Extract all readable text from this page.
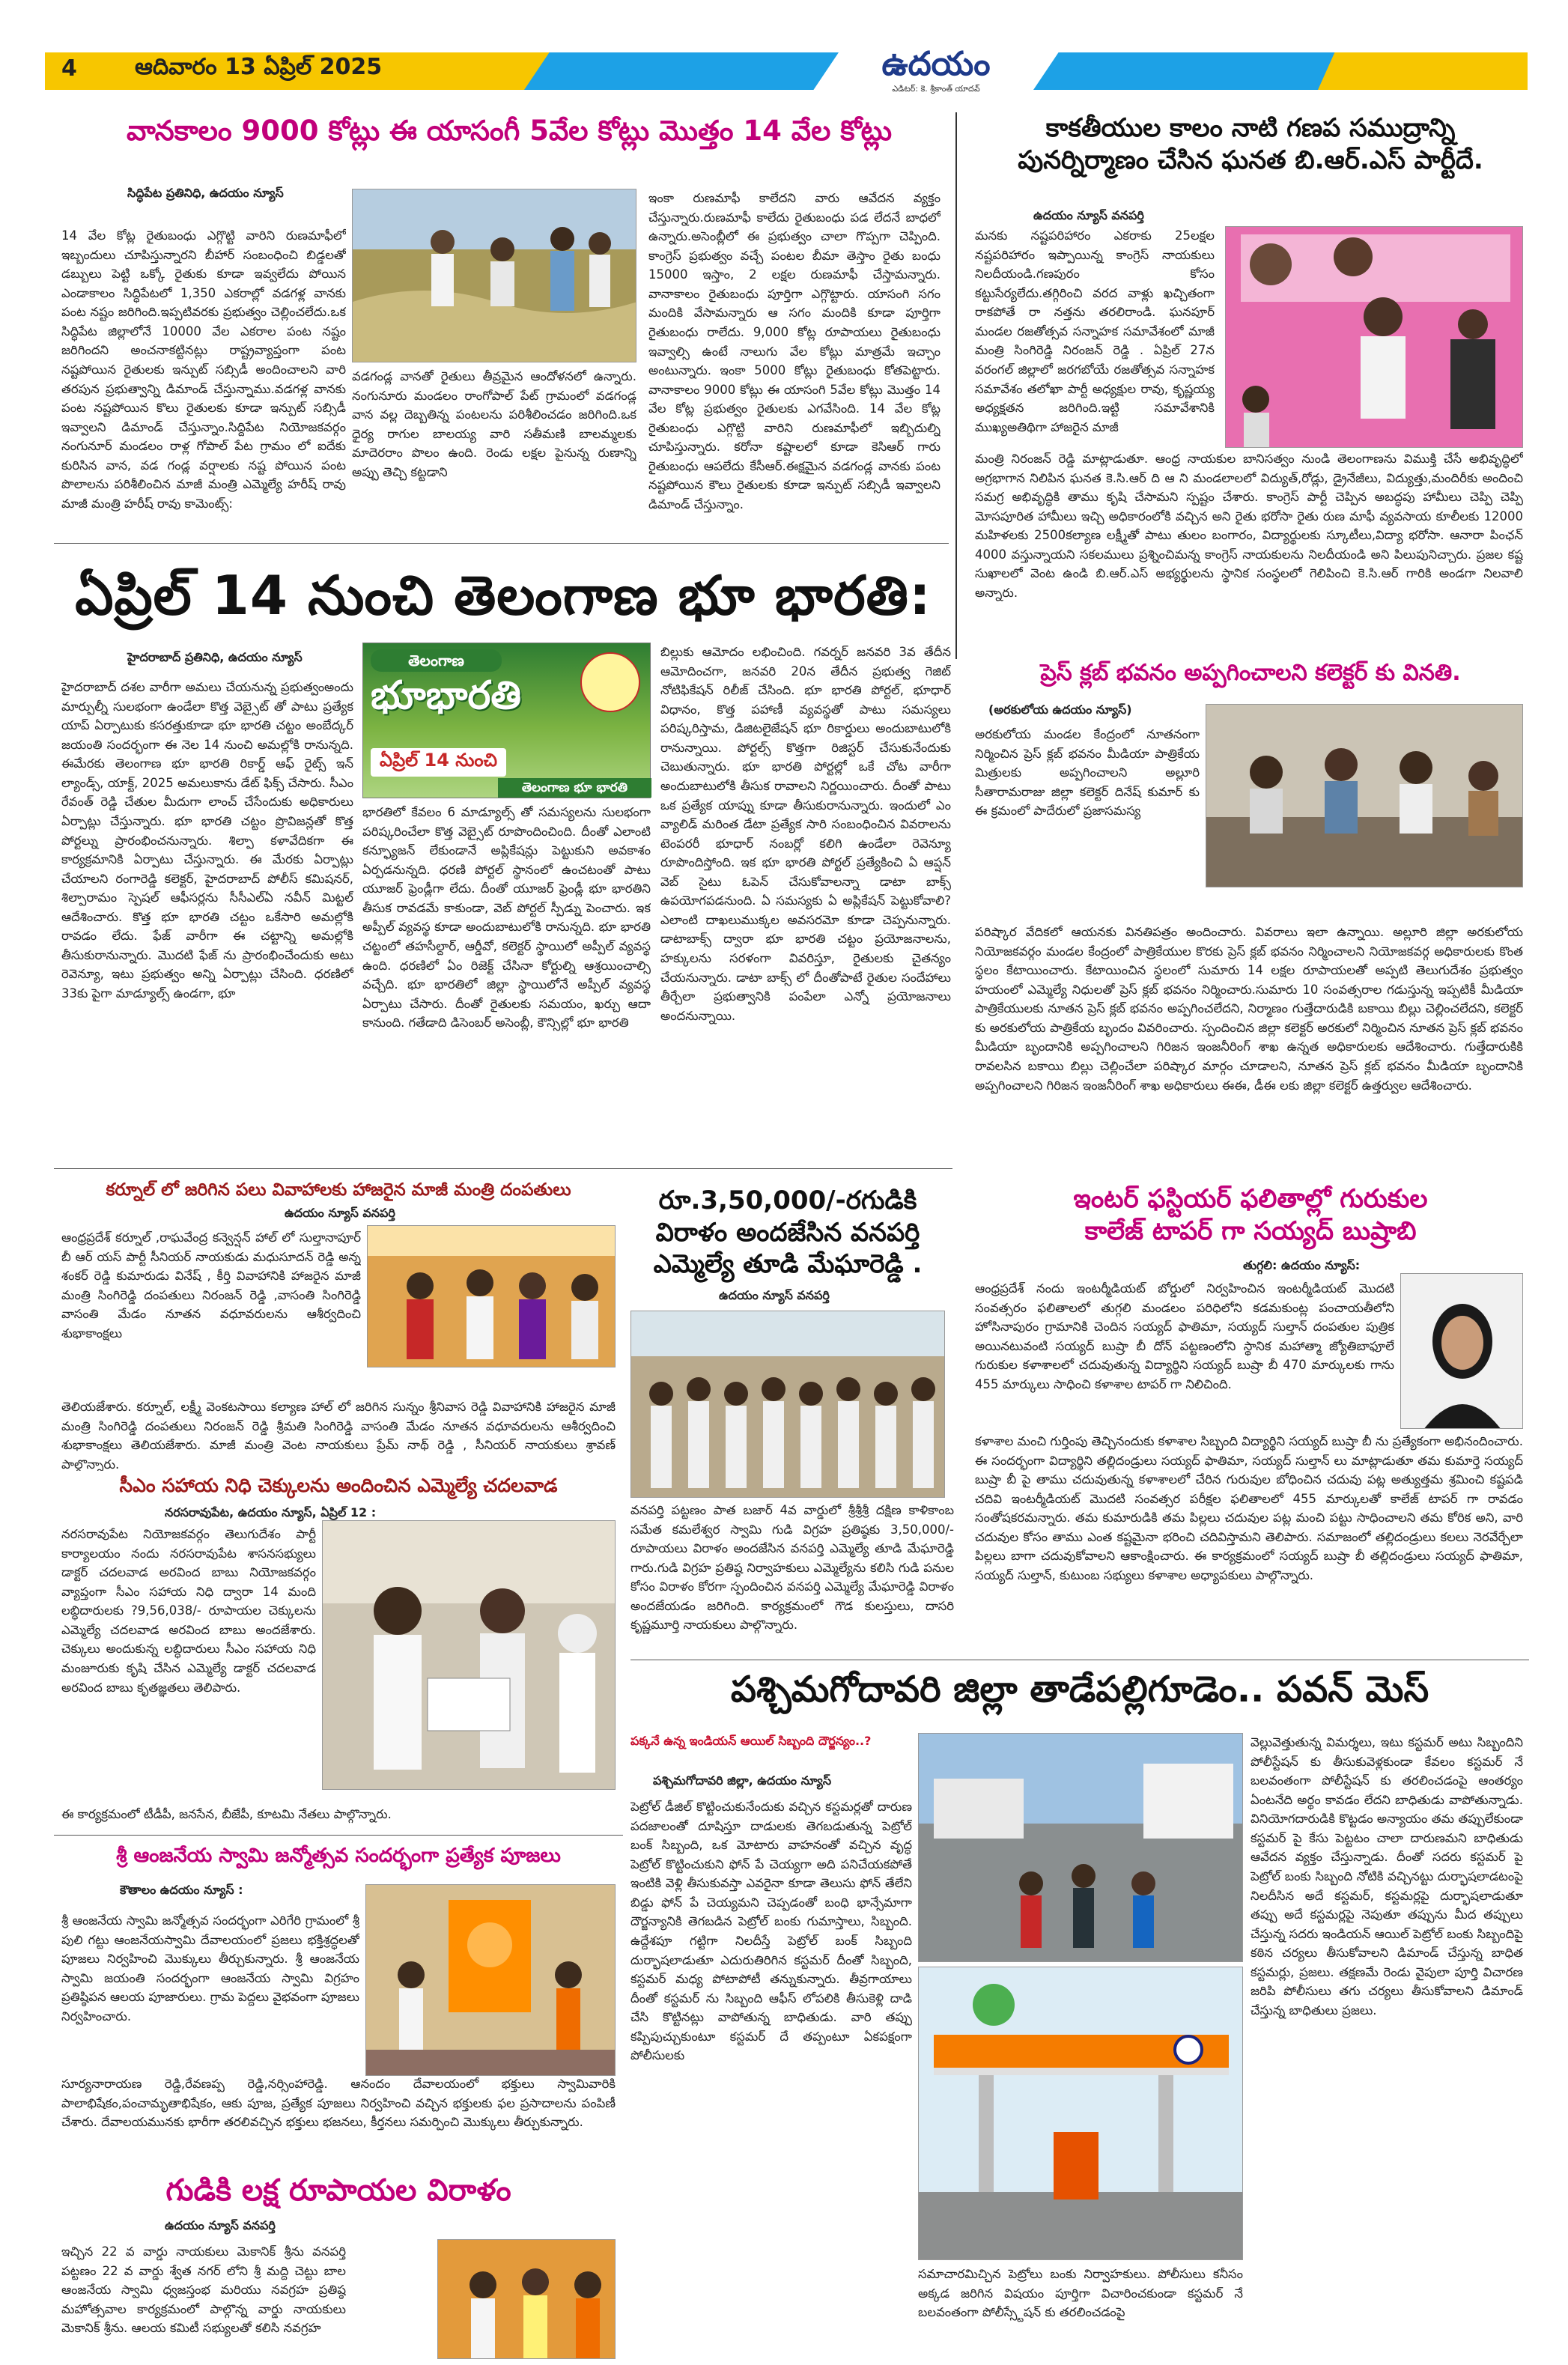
4	ఆదివారం 13 ఏప్రిల్ 2025	ఉదయం
ఎడిటర్: కె. శ్రీకాంత్ యాదవ్
వానకాలం 9000 కోట్లు ఈ యాసంగీ 5వేల కోట్లు మొత్తం 14 వేల కోట్లు
సిద్ధిపేట ప్రతినిధి, ఉదయం న్యూస్
14 వేల కోట్ల రైతుబంధు ఎగ్గొట్టి వారిని రుణమాఫీలో ఇబ్బందులు చూపిస్తున్నారని బీహార్ సంబంధించి బిడ్డలతో డబ్బులు పెట్టి ఒక్కో రైతుకు కూడా ఇవ్వలేదు పోయిన ఎండాకాలం సిద్ధిపేటలో 1,350 ఎకరాల్లో వడగళ్ల వానకు పంట నష్టం జరిగింది.ఇప్పటివరకు ప్రభుత్వం చెల్లించలేదు.ఒక సిద్ధిపేట జిల్లాలోనే 10000 వేల ఎకరాల పంట నష్టం జరిగిందని అంచనాకట్టినట్లు రాష్ట్రవ్యాప్తంగా పంట నష్టపోయిన రైతులకు ఇన్పుట్ సబ్సిడీ అందించాలని వారి తరపున ప్రభుత్వాన్ని డిమాండ్ చేస్తున్నాము.వడగళ్ల వానకు పంట నష్టపోయిన కొలు రైతులకు కూడా ఇన్పుట్ సబ్సిడీ ఇవ్వాలని డిమాండ్ చేస్తున్నాం.సిద్దిపేట నియోజకవర్గం నంగునూర్ మండలం రాళ్ల గోపాల్ పేట గ్రామం లో ఐదేకు కురిసిన వాన, వడ గండ్ల వర్షాలకు నష్ట పోయిన పంట పొలాలను పరిశీలించిన మాజీ మంత్రి ఎమ్మెల్యే హరీష్ రావు మాజీ మంత్రి హరీష్ రావు కామెంట్స్:
వడగండ్ల వానతో రైతులు తీవ్రమైన ఆందోళనలో ఉన్నారు. నంగునూరు మండలం రాంగోపాల్ పేట్ గ్రామంలో వడగండ్ల వాన వల్ల దెబ్బతిన్న పంటలను పరిశీలించడం జరిగింది.ఒక ధైర్య రాగుల బాలయ్య వారి సతీమణి బాలమ్మలకు మాదెరరాం పొలం ఉంది. రెండు లక్షల పైనున్న రుణాన్ని అప్పు తెచ్చి కట్టడాని
ఇంకా రుణమాఫీ కాలేదని వారు ఆవేదన వ్యక్తం చేస్తున్నారు.రుణమాఫీ కాలేదు రైతుబంధు పడ లేదనే బాధలో ఉన్నారు.అసెంబ్లీలో ఈ ప్రభుత్వం చాలా గొప్పగా చెప్పింది. కాంగ్రెస్ ప్రభుత్వం వచ్చే పంటల బీమా తెస్తాం రైతు బంధు 15000 ఇస్తాం, 2 లక్షల రుణమాఫీ చేస్తామన్నారు. వానాకాలం రైతుబంధు పూర్తిగా ఎగ్గొట్టారు. యాసంగి సగం మందికి వేసామన్నారు ఆ సగం మందికి కూడా పూర్తిగా రైతుబంధు రాలేదు. 9,000 కోట్ల రూపాయలు రైతుబంధు ఇవ్వాల్సి ఉంటే నాలుగు వేల కోట్లు మాత్రమే ఇచ్చాం అంటున్నారు. ఇంకా 5000 కోట్లు రైతుబంధు కోతపెట్టారు. వానాకాలం 9000 కోట్లు ఈ యాసంగి 5వేల కోట్లు మొత్తం 14 వేల కోట్ల ప్రభుత్వం రైతులకు ఎగవేసింది. 14 వేల కోట్ల రైతుబంధు ఎగ్గొట్టి వారిని రుణమాఫీలో ఇబ్బిదుల్ని చూపిస్తున్నారు. కరోనా కష్టాలలో కూడా కెసిఆర్ గారు రైతుబంధు ఆపలేదు కేసీఆర్.ఈక్షమైన వడగండ్ల వానకు పంట నష్టపోయిన కౌలు రైతులకు కూడా ఇన్పుట్ సబ్సిడీ ఇవ్వాలని డిమాండ్ చేస్తున్నాం.
కాకతీయుల కాలం నాటి గణప సముద్రాన్ని
పునర్నిర్మాణం చేసిన ఘనత బి.ఆర్.ఎస్ పార్టీదే.
ఉదయం న్యూస్ వనపర్తి
మనకు నష్టపరిహారం ఎకరాకు 25లక్షల నష్టపరిహారం ఇప్పాయిన్న కాంగ్రెస్ నాయకులు నిలదీయండి.గణపురం కోసం కట్టుసేర్యలేదు.తగ్గిరించి వరద వాళ్లు ఖచ్చితంగా రాకపోతే రా నత్తను తరలిరాండి. ఘనపూర్ మండల రజతోత్సవ సన్నాహక సమావేశంలో మాజీ మంత్రి సింగిరెడ్డి నిరంజన్ రెడ్డి . ఏప్రిల్ 27న వరంగల్ జిల్లాలో జరగబోయే రజతోత్సవ సన్నాహక సమావేశం తలోఖా పార్టీ అధ్యక్షుల రావు, కృష్ణయ్య అధ్యక్షతన జరిగింది.ఇట్టి సమావేశానికి ముఖ్యఅతిథిగా హాజరైన మాజీ
మంత్రి నిరంజన్ రెడ్డి మాట్లాడుతూ. ఆంధ్ర నాయకుల బానిసత్వం నుండి తెలంగాణను విముక్తి చేసే అభివృద్ధిలో అగ్రభాగాన నిలిపిన ఘనత కె.సి.ఆర్ ది ఆ ని మండలాలలో విద్యుత్,రోడ్లు, డ్రైనేజీలు, విద్యుత్తు,మందిరీకు అందించి సమగ్ర అభివృద్ధికి తాము కృషి చేసామని స్పష్టం చేశారు. కాంగ్రెస్ పార్టీ చెప్పిన అబద్ధపు హామీలు చెప్పి చెప్పి మోసపూరిత హామీలు ఇచ్చి అధికారంలోకి వచ్చిన అని రైతు భరోసా రైతు రుణ మాఫీ వ్యవసాయ కూలీలకు 12000 మహిళలకు 2500కల్యాణ లక్ష్మీతో పాటు తులం బంగారం, విద్యార్థులకు స్కూటీలు,విద్యా భరోసా. ఆనారా పింఛన్ 4000 వస్తున్నాయని సకలములు ప్రశ్నించిమన్న కాంగ్రెస్ నాయకులను నిలదీయండి అని పిలుపునిచ్చారు. ప్రజల కష్ట సుఖాలలో వెంట ఉండి బి.ఆర్.ఎస్ అభ్యర్థులను స్థానిక సంస్థలలో గెలిపించి కె.సి.ఆర్ గారికి అండగా నిలవాలి అన్నారు.
ఏప్రిల్ 14 నుంచి తెలంగాణ భూ భారతి:
హైదరాబాద్ ప్రతినిధి, ఉదయం న్యూస్
హైదరాబాద్ దశల వారీగా అమలు చేయనున్న ప్రభుత్వంఅందు మార్పుల్నీ సులభంగా ఉండేలా కొత్త వెబ్సైట్ తో పాటు ప్రత్యేక యాప్ ఏర్పాటుకు కసరత్తుకూడా భూ భారతి చట్టం అంబేద్కర్ జయంతి సందర్భంగా ఈ నెల 14 నుంచి అమల్లోకి రానున్నది. ఈమేరకు తెలంగాణ భూ భారతి రికార్డ్ ఆఫ్ రైట్స్ ఇన్ ల్యాండ్స్, యాక్ట్, 2025 అమలుకాను డేట్ ఫిక్స్ చేసారు. సీఎం రేవంత్ రెడ్డి చేతుల మీదుగా లాంచ్ చేసేందుకు అధికారులు ఏర్పాట్లు చేస్తున్నారు. భూ భారతి చట్టం ప్రొవిజన్లతో కొత్త పోర్టల్ను ప్రారంభించనున్నారు. శిల్పా కళావేదికగా ఈ కార్యక్రమానికి ఏర్పాటు చేస్తున్నారు. ఈ మేరకు ఏర్పాట్లు చేయాలని రంగారెడ్డి కలెక్టర్, హైదరాబాద్ పోలీస్ కమిషనర్, శిల్పారామం స్పెషల్ ఆఫీసర్లను సీసీఎల్ఏ నవీన్ మిట్టల్ ఆదేశించారు. కొత్త భూ భారతి చట్టం ఒకేసారి అమల్లోకి రావడం లేదు. ఫేజ్ వారీగా ఈ చట్టాన్ని అమల్లోకి తీసుకురానున్నారు. మొదటి ఫేజ్ ను ప్రారంభించేందుకు అటు రెవెన్యూ, ఇటు ప్రభుత్వం అన్ని ఏర్పాట్లు చేసింది. ధరణిలో 33కు పైగా మాడ్యూల్స్ ఉండగా, భూ
తెలంగాణ
భూభారతి
ఏప్రిల్ 14 నుంచి
తెలంగాణ భూ భారతి
భారతిలో కేవలం 6 మాడ్యూల్స్ తో సమస్యలను సులభంగా పరిష్కరించేలా కొత్త వెబ్సైట్ రూపొందించింది. దీంతో ఎలాంటి కన్ఫ్యూజన్ లేకుండానే అప్లికేషన్లు పెట్టుకుని అవకాశం ఏర్పడనున్నది. ధరణి పోర్టల్ స్థానంలో ఉంచటంతో పాటు యూజర్ ఫ్రెండ్లీగా లేదు. దీంతో యూజర్ ఫ్రెండ్లీ భూ భారతిని తీసుక రావడమే కాకుండా, వెబ్ పోర్టల్ స్పీడ్ను పెంచారు. ఇక అప్పీల్ వ్యవస్థ కూడా అందుబాటులోకి రానున్నది. భూ భారతి చట్టంలో తహసీల్దార్, ఆర్డీవో, కలెక్టర్ స్థాయిలో అప్పీల్ వ్యవస్థ ఉంది. ధరణిలో ఏం రిజెక్ట్ చేసినా కోర్టుల్ని ఆశ్రయించాల్సి వచ్చేది. భూ భారతిలో జిల్లా స్థాయిలోనే అప్పీల్ వ్యవస్థ ఏర్పాటు చేసారు. దీంతో రైతులకు సమయం, ఖర్చు ఆదా కానుంది. గతేడాది డిసెంబర్ అసెంబ్లీ, కౌన్సిల్లో భూ భారతి
బిల్లుకు ఆమోదం లభించింది. గవర్నర్ జనవరి 3వ తేదీన ఆమోదించగా, జనవరి 20న తేదీన ప్రభుత్వ గెజిట్ నోటిఫికేషన్ రిలీజ్ చేసింది. భూ భారతి పోర్టల్, భూధార్ విధానం, కొత్త పహాణీ వ్యవస్థతో పాటు సమస్యలు పరిష్కరిస్తామ, డిజిటలైజేషన్ భూ రికార్డులు అందుబాటులోకి రానున్నాయి. పోర్టల్స్ కొత్తగా రిజిస్టర్ చేసుకునేందుకు చెబుతున్నారు. భూ భారతి పోర్టల్లో ఒకే చోట వారీగా అందుబాటులోకి తీసుక రావాలని నిర్ణయించారు. దీంతో పాటు ఒక ప్రత్యేక యాప్ను కూడా తీసుకురానున్నారు. ఇందులో ఎం వ్యాలిడ్ మరింత డేటా ప్రత్యేక సారి సంబంధించిన వివరాలను టెంపరరీ భూధార్ నంబర్లో కలిగి ఉండేలా రెవెన్యూ రూపొందిస్తోంది. ఇక భూ భారతి పోర్టల్ ప్రత్యేకించి ఏ ఆప్షన్ వెబ్ సైటు ఓపెన్ చేసుకోవాలన్నా డాటా బాక్స్ ఉపయోగపడ‌నుంది. ఏ సమస్యకు ఏ అప్లికేషన్ పెట్టుకోవాలి? ఎలాంటి దాఖలుముక్కల అవసరమో కూడా చెప్పనున్నారు. డాటాబాక్స్ ద్వారా భూ భారతి చట్టం ప్రయోజనాలను, హక్కులను సరళంగా వివరిస్తూ, రైతులకు చైతన్యం చేయనున్నారు. డాటా బాక్స్ లో దీంతోపాటే రైతుల సందేహాలు తీర్చేలా ప్రభుత్వానికి పంపేలా ఎన్నో ప్రయోజనాలు అందనున్నాయి.
ప్రెస్ క్లబ్ భవనం అప్పగించాలని కలెక్టర్ కు వినతి.
(అరకులోయ ఉదయం న్యూస్)
అరకులోయ మండల కేంద్రంలో నూతనంగా నిర్మించిన ప్రెస్ క్లబ్ భవనం మీడియా పాత్రికేయ మిత్రులకు అప్పగించాలని అల్లూరి సీతారామరాజు జిల్లా కలెక్టర్ దినేష్ కుమార్ కు ఈ క్రమంలో పాదేరులో ప్రజాసమస్య
పరిష్కార వేదికలో ఆయనకు వినతిపత్రం అందించారు. వివరాలు ఇలా ఉన్నాయి. అల్లూరి జిల్లా అరకులోయ నియోజకవర్గం మండల కేంద్రంలో పాత్రికేయుల కొరకు ప్రెస్ క్లబ్ భవనం నిర్మించాలని నియోజకవర్గ అధికారులకు కొంత స్థలం కేటాయించారు. కేటాయించిన స్థలంలో సుమారు 14 లక్షల రూపాయలతో అప్పటి తెలుగుదేశం ప్రభుత్వం హయంలో ఎమ్మెల్యే నిధులతో ప్రెస్ క్లబ్ భవనం నిర్మించారు.సుమారు 10 సంవత్సరాల గడుస్తున్న ఇప్పటికీ మీడియా పాత్రికేయులకు నూతన ప్రెస్ క్లబ్ భవనం అప్పగించలేదని, నిర్మాణం గుత్తేదారుడికి బకాయి బిల్లు చెల్లించలేదని, కలెక్టర్ కు అరకులోయ పాత్రికేయ బృందం వివరించారు. స్పందించిన జిల్లా కలెక్టర్ అరకులో నిర్మించిన నూతన ప్రెస్ క్లబ్ భవనం మీడియా బృందానికి అప్పగించాలని గిరిజన ఇంజనీరింగ్ శాఖ ఉన్నత అధికారులకు ఆదేశించారు. గుత్తేదారుకికి రావలసిన బకాయి బిల్లు చెల్లించేలా పరిష్కార మార్గం చూడాలని, నూతన ప్రెస్ క్లబ్ భవనం మీడియా బృందానికి అప్పగించాలని గిరిజన ఇంజనీరింగ్ శాఖ అధికారులు ఈఈ, డీఈ లకు జిల్లా కలెక్టర్ ఉత్తర్వుల ఆదేశించారు.
ఇంటర్ ఫస్టియర్ ఫలితాల్లో గురుకుల
కాలేజ్ టాపర్ గా సయ్యద్ బుష్రాబి
తుగ్గలి: ఉదయం న్యూస్:
ఆంధ్రప్రదేశ్ నందు ఇంటర్మీడియట్ బోర్డులో నిర్వహించిన ఇంటర్మీడియట్ మొదటి సంవత్సరం ఫలితాలలో తుగ్గలి మండలం పరిధిలోని కడమకుంట్ల పంచాయతీలోని హోసినాపురం గ్రామానికి చెందిన సయ్యద్ ఫాతిమా, సయ్యద్ సుల్తాన్ దంపతుల పుత్రిక అయినటువంటి సయ్యద్ బుష్రా బీ దోన్ పట్టణంలోని స్థానిక మహాత్మా జ్యోతిబాఫూలే గురుకుల కళాశాలలో చదువుతున్న విద్యార్థిని సయ్యద్ బుష్రా బీ 470 మార్కులకు గాను 455 మార్కులు సాధించి కళాశాల టాపర్ గా నిలిచింది.
కళాశాల మంచి గుర్తింపు తెచ్చినందుకు కళాశాల సిబ్బంది విద్యార్థిని సయ్యద్ బుష్రా బీ ను ప్రత్యేకంగా అభినందించారు. ఈ సందర్భంగా విద్యార్థిని తల్లిదండ్రులు సయ్యద్ ఫాతిమా, సయ్యద్ సుల్తాన్ లు మాట్లాడుతూ తమ కుమార్తె సయ్యద్ బుష్రా బీ పై తాము చదువుతున్న కళాశాలలో చేరిన గురువుల బోధించిన చదువు పట్ల అత్యుత్తమ శ్రమించి కష్టపడి చదివి ఇంటర్మీడియట్ మొదటి సంవత్సర పరీక్షల ఫలితాలలో 455 మార్కులతో కాలేజ్ టాపర్ గా రావడం సంతోషకరమన్నారు. తమ కుమారుడికి తమ పిల్లలు చదువుల పట్ల మంచి పట్టు సాధించాలని తమ కోరిక అని, వారి చదువుల కోసం తాము ఎంత కష్టమైనా భరించి చదివిస్తామని తెలిపారు. సమాజంలో తల్లిదండ్రులు కలలు నెరవేర్చేలా పిల్లలు బాగా చదువుకోవాలని ఆకాంక్షించారు. ఈ కార్యక్రమంలో సయ్యద్ బుష్రా బీ తల్లిదండ్రులు సయ్యద్ ఫాతిమా, సయ్యద్ సుల్తాన్, కుటుంబ సభ్యులు కళాశాల అధ్యాపకులు పాల్గొన్నారు.
కర్నూల్ లో జరిగిన పలు వివాహాలకు హాజరైన మాజీ మంత్రి దంపతులు
ఉదయం న్యూస్ వనపర్తి
ఆంధ్రప్రదేశ్ కర్నూల్ ,రాఘవేంద్ర కన్వెన్షన్ హాల్ లో సుల్తానాపూర్ బీ ఆర్ యస్ పార్టీ సీనియర్ నాయకుడు మధుసూదన్ రెడ్డి అన్న శంకర్ రెడ్డి కుమారుడు వినేష్ , కీర్తి వివాహానికి హాజరైన మాజీ మంత్రి సింగిరెడ్డి దంపతులు నిరంజన్ రెడ్డి ,వాసంతి సింగిరెడ్డి వాసంతి మేడం నూతన వధూవరులను ఆశీర్వదించి శుభాకాంక్షలు
తెలియజేశారు. కర్నూల్, లక్ష్మీ వెంకటసాయి కల్యాణ హాల్ లో జరిగిన సున్నం శ్రీనివాస రెడ్డి వివాహానికి హాజరైన మాజీ మంత్రి సింగిరెడ్డి దంపతులు నిరంజన్ రెడ్డి శ్రీమతి సింగిరెడ్డి వాసంతి మేడం నూతన వధూవరులను ఆశీర్వదించి శుభాకాంక్షలు తెలియజేశారు. మాజీ మంత్రి వెంట నాయకులు ప్రేమ్ నాథ్ రెడ్డి , సీనియర్ నాయకులు శ్రావణ్ పాల్గొన్నారు.
రూ.3,50,000/-రగుడికి
విరాళం అందజేసిన వనపర్తి
ఎమ్మెల్యే తూడి మేఘారెడ్డి .
ఉదయం న్యూస్ వనపర్తి
వనపర్తి పట్టణం పాత బజార్ 4వ వార్డులో శ్రీశ్రీశ్రీ దక్షిణ కాళికాంబ సమేత కమలేశ్వర స్వామి గుడి విగ్రహ ప్రతిష్ఠకు 3,50,000/- రూపాయలు విరాళం అందజేసిన వనపర్తి ఎమ్మెల్యే తూడి మేఘారెడ్డి గారు.గుడి విగ్రహ ప్రతిష్ఠ నిర్వాహకులు ఎమ్మెల్యేను కలిసి గుడి పనుల కోసం విరాళం కోరగా స్పందించిన వనపర్తి ఎమ్మెల్యే మేఘారెడ్డి విరాళం అందజేయడం జరిగింది. కార్యక్రమంలో గౌడ కులస్తులు, దాసరి కృష్ణమూర్తి నాయకులు పాల్గొన్నారు.
సీఎం సహాయ నిధి చెక్కులను అందించిన ఎమ్మెల్యే చదలవాడ
నరసరావుపేట, ఉదయం న్యూస్, ఏప్రిల్ 12 :
నరసరావుపేట నియోజకవర్గం తెలుగుదేశం పార్టీ కార్యాలయం నందు నరసరావుపేట శాసనసభ్యులు డాక్టర్ చదలవాడ అరవింద బాబు నియోజకవర్గం వ్యాప్తంగా సీఎం సహాయ నిధి ద్వారా 14 మంది లబ్ధిదారులకు ?9,56,038/- రూపాయల చెక్కులను ఎమ్మెల్యే చదలవాడ అరవింద బాబు అందజేశారు. చెక్కులు అందుకున్న లబ్ధిదారులు సీఎం సహాయ నిధి మంజూరుకు కృషి చేసిన ఎమ్మెల్యే డాక్టర్ చదలవాడ అరవింద బాబు కృతజ్ఞతలు తెలిపారు.
ఈ కార్యక్రమంలో టీడీపీ, జనసేన, బీజేపీ, కూటమి నేతలు పాల్గొన్నారు.
పశ్చిమగోదావరి జిల్లా తాడేపల్లిగూడెం.. పవన్ మెస్
పక్కనే ఉన్న ఇండియన్ ఆయిల్ సిబ్బంది దౌర్జన్యం..?
పశ్చిమగోదావరి జిల్లా, ఉదయం న్యూస్
పెట్రోల్ డీజిల్ కొట్టించుకునేందుకు వచ్చిన కస్టమర్లతో దారుణ పదజాలంతో దూషిస్తూ దాడులకు తెగబడుతున్న పెట్రోల్ బంక్ సిబ్బంది, ఒక మోటారు వాహనంతో వచ్చిన వృద్ధ పెట్రోల్ కొట్టించుకుని ఫోన్ పే చెయ్యగా అది పనిచేయకపోతే ఇంటికి వెళ్లి తీసుకువస్తా ఎవరైనా కూడా తెలుసు ఫోన్ తేలేని బిడ్డు ఫోన్ పే చెయ్యమని చెప్పడంతో బంధి భాన్సేమాగా దౌర్జన్యానికి తెగబడిన పెట్రోల్ బంకు గుమాస్తాలు, సిబ్బంది. ఉద్దేశపూ గట్టిగా నిలదీస్తే పెట్రోల్ బంక్ సిబ్బంది దుర్భాషలాడుతూ ఎదురుతిరిగిన కస్టమర్ దీంతో సిబ్బంది, కస్టమర్ మధ్య పోటాపోటీ తన్నుకున్నారు. తీవ్రగాయాలు దీంతో కస్టమర్ ను సిబ్బంది ఆఫీస్ లోపలికి తీసుకెళ్లి దాడి చేసి కొట్టినట్లు వాపోతున్న బాధితుడు. వారి తప్పు కప్పిపుచ్చుకుంటూ కస్టమర్ దే తప్పంటూ ఏకపక్షంగా పోలీసులకు
సమాచారమిచ్చిన పెట్రోలు బంకు నిర్వాహకులు. పోలీసులు కనీసం అక్కడ జరిగిన విషయం పూర్తిగా విచారించకుండా కస్టమర్ నే బలవంతంగా పోలీస్స్టేషన్ కు తరలించడంపై
వెల్లువెత్తుతున్న విమర్శలు, ఇటు కస్టమర్ అటు సిబ్బందిని పోలీస్టేషన్ కు తీసుకువెళ్లకుండా కేవలం కస్టమర్ నే బలవంతంగా పోలీస్టేషన్ కు తరలించడంపై ఆంతర్యం ఏంటనేది అర్థం కావడం లేదని బాధితుడు వాపోతున్నాడు. వినియోగదారుడికి కొట్టడం అన్యాయం తమ తప్పులేకుండా కస్టమర్ పై కేసు పెట్టటం చాలా దారుణమని బాధితుడు ఆవేదన వ్యక్తం చేస్తున్నాడు. దీంతో సదరు కస్టమర్ పై పెట్రోల్ బంకు సిబ్బంది నోటికి వచ్చినట్టు దుర్భాషలాడటంపై నిలదీసిన అదే కస్టమర్, కస్టమర్లపై దుర్భాషలాడుతూ తప్పు అదే కస్టమర్లపై నెపుతూ తప్పును మీద తప్పులు చేస్తున్న సదరు ఇండియన్ ఆయిల్ పెట్రోల్ బంకు సిబ్బందిపై కఠిన చర్యలు తీసుకోవాలని డిమాండ్ చేస్తున్న బాధిత కస్టమర్లు, ప్రజలు. తక్షణమే రెండు వైపులా పూర్తి విచారణ జరిపి పోలీసులు తగు చర్యలు తీసుకోవాలని డిమాండ్ చేస్తున్న బాధితులు ప్రజలు.
శ్రీ ఆంజనేయ స్వామి జన్మోత్సవ సందర్భంగా ప్రత్యేక పూజలు
కౌతాలం ఉదయం న్యూస్ :
శ్రీ ఆంజనేయ స్వామి జన్మోత్సవ సందర్భంగా ఎరిగేరి గ్రామంలో శ్రీ పులి గట్టు ఆంజనేయస్వామి దేవాలయంలో ప్రజలు భక్తిశ్రద్ధలతో పూజలు నిర్వహించి మొక్కులు తీర్చుకున్నారు. శ్రీ ఆంజనేయ స్వామి జయంతి సందర్భంగా ఆంజనేయ స్వామి విగ్రహం ప్రతిష్ఠిపన ఆలయ పూజారులు. గ్రామ పెద్దలు వైభవంగా పూజలు నిర్వహించారు.
సూర్యనారాయణ రెడ్డి,రేవణప్ప రెడ్డి,నర్సింహారెడ్డి. ఆనందం దేవాలయంలో భక్తులు స్వామివారికి పాలాభిషేకం,పంచామృతాభిషేకం, ఆకు పూజ, ప్రత్యేక పూజలు నిర్వహించి వచ్చిన భక్తులకు ఫల ప్రసాదాలను పంపిణీ చేశారు. దేవాలయమునకు భారీగా తరలివచ్చిన భక్తులు భజనలు, కీర్తనలు సమర్పించి మొక్కులు తీర్చుకున్నారు.
గుడికి లక్ష రూపాయల విరాళం
ఉదయం న్యూస్ వనపర్తి
ఇచ్చిన 22 వ వార్డు నాయకులు మెకానిక్ శ్రీను వనపర్తి పట్టణం 22 వ వార్డు శ్వేత నగర్ లోని శ్రీ మద్ది చెట్టు బాల ఆంజనేయ స్వామి ధ్వజస్తంభ మరియు నవగ్రహ ప్రతిష్ఠ మహోత్సవాల కార్యక్రమంలో పాల్గొన్న వార్డు నాయకులు మెకానిక్ శ్రీను. ఆలయ కమిటీ సభ్యులతో కలిసి నవగ్రహ
